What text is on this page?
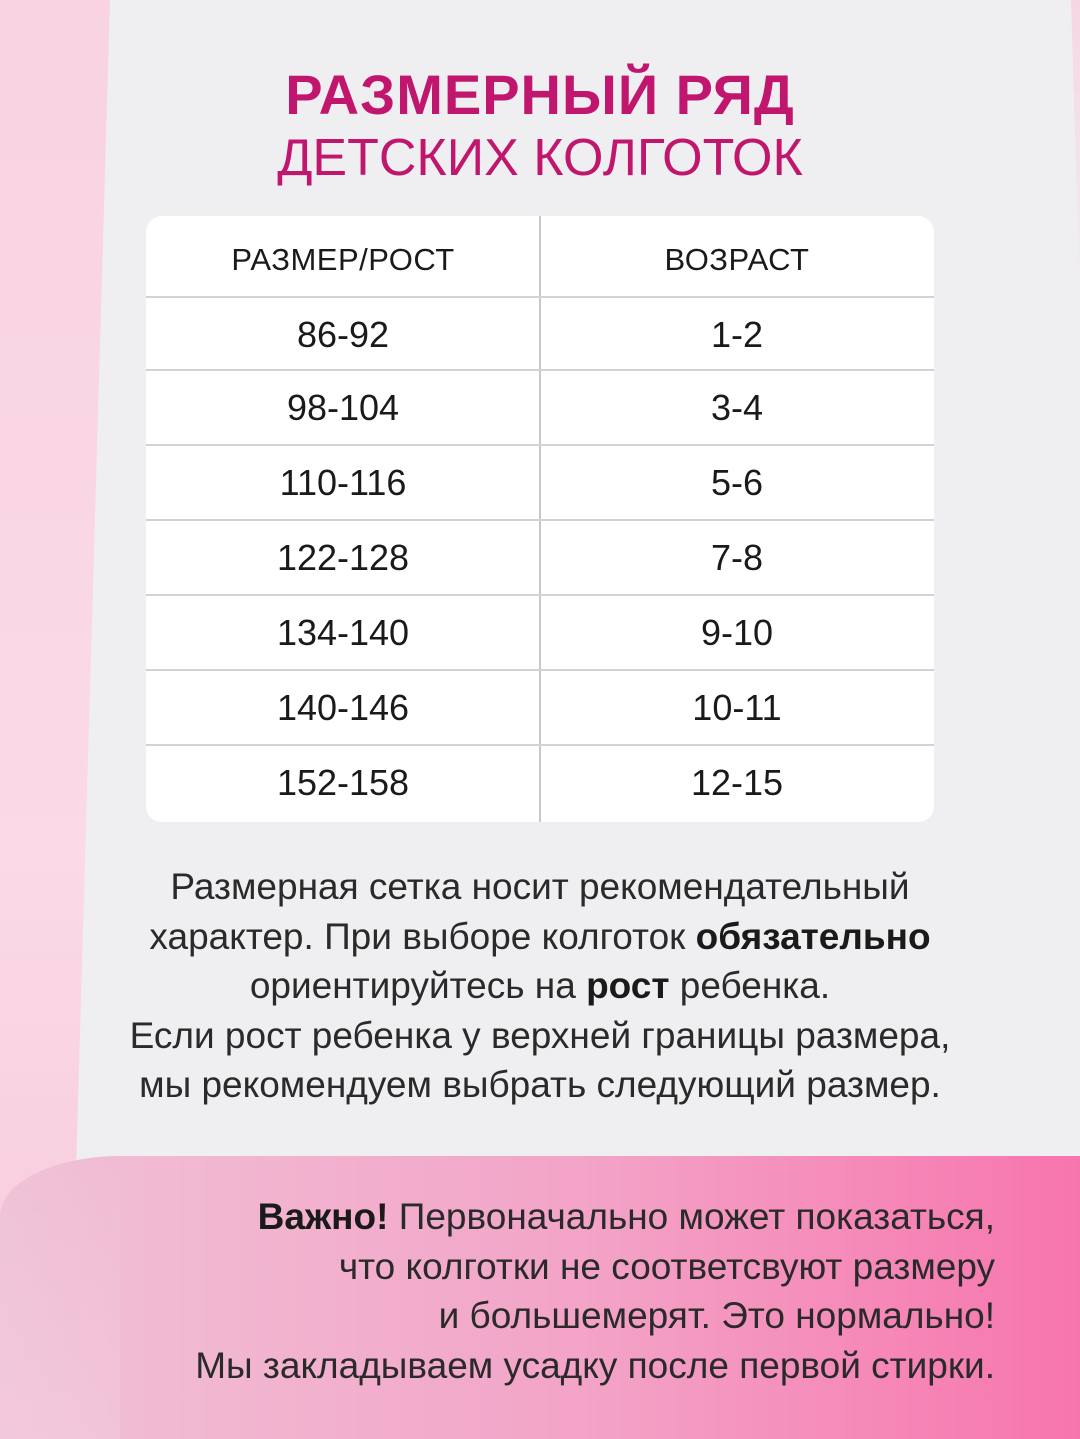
РАЗМЕРНЫЙ РЯД
ДЕТСКИХ КОЛГОТОК
РАЗМЕР/РОСТ	ВОЗРАСТ
86-92	1-2
98-104	3-4
110-116	5-6
122-128	7-8
134-140	9-10
140-146	10-11
152-158	12-15
Размерная сетка носит рекомендательный
характер. При выборе колготок обязательно
ориентируйтесь на рост ребенка.
Если рост ребенка у верхней границы размера,
мы рекомендуем выбрать следующий размер.
Важно! Первоначально может показаться,
что колготки не соответсвуют размеру
и большемерят. Это нормально!
Мы закладываем усадку после первой стирки.
